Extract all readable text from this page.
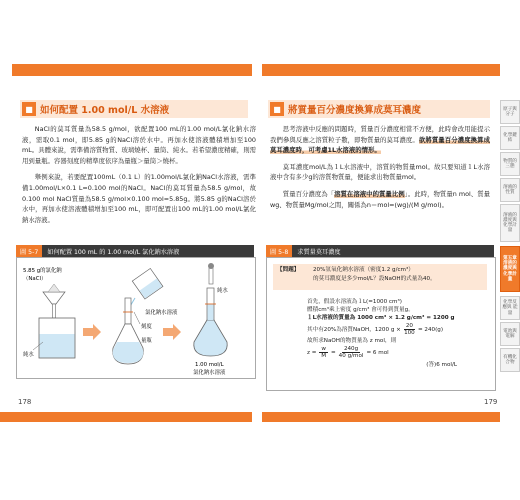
■ 如何配置 1.00 mol/L 水溶液
NaCl的莫耳質量為58.5 g/mol，欲配置100 mL的1.00 mol/L氯化鈉水溶液，需取0.1 mol，即5.85 g的NaCl溶於水中。再加水使溶液體積增加至100 mL。具體來說，需準備溶質物質、玻璃燒杯、量筒、純水。若希望濃度精確，則需用到量瓶。容器刻度的精準度依序為量瓶＞量筒＞燒杯。
舉例來說，若要配置100mL（0.1 L）的1.00mol/L氯化鈉NaCl水溶液，需準備1.00mol/L×0.1 L=0.100 mol的NaCl。NaCl的莫耳質量為58.5 g/mol，故0.100 mol NaCl質量為58.5 g/mol×0.100 mol=5.85g。將5.85 g的NaCl溶於水中，再加水使溶液體積增加至100 mL，即可配置出100 mL的1.00 mol/L氯化鈉水溶液。
圖 5-7	如何配置 100 mL 的 1.00 mol/L 氯化鈉水溶液
5.85 g的氯化鈉
（NaCl）
純水
氯化鈉水溶液
刻度
量瓶
純水
1.00 mol/L
氯化鈉水溶液
178
■ 將質量百分濃度換算成莫耳濃度
思考溶液中反應的問題時，質量百分濃度相當不方便，此時會改用能提示我們參與反應之溶質粒子數，即物質量的莫耳濃度。欲將質量百分濃度換算成莫耳濃度時，可考慮1L水溶液的情形。
莫耳濃度mol/L為１L水溶液中，溶質的物質量mol。故只要知道１L水溶液中含有多少g的溶質物質量，便能求出物質量mol。
質量百分濃度為「溶質在溶液中的質量比例」。此時，物質量n mol、質量wg、物質量Mg/mol之間，關係為n＝mol=(wg)/(M g/mol)。
圖 5-8	求質量莫耳濃度
【問題】 20%氫氧化鈉水溶液（密度1.2 g/cm³）
的莫耳濃度是多少mol/L？設NaOH的式量為40。
首先，假設水溶液為１L(=1000 cm³)
體積cm³乘上密度 g/cm³ 會可得到質量g。
１L水溶液的質量為 1000 cm³ × 1.2 g/cm³ = 1200 g
其中有20%為溶質NaOH，1200 $g \times \frac{20}{100} = 240(g)$
故所求NaOH的物質量為 z mol，則
$z = \frac{w}{M}$ =
240g
40 g/mol
= 6 mol
(答)6 mol/L
179
原子與分子
化學鍵結
物質的三態
溶液的性質
溶液的濃度與 化學計量
第五章 溶液的濃度與 化學計量
化學反應與 能量
電池與電解
有機化合物
